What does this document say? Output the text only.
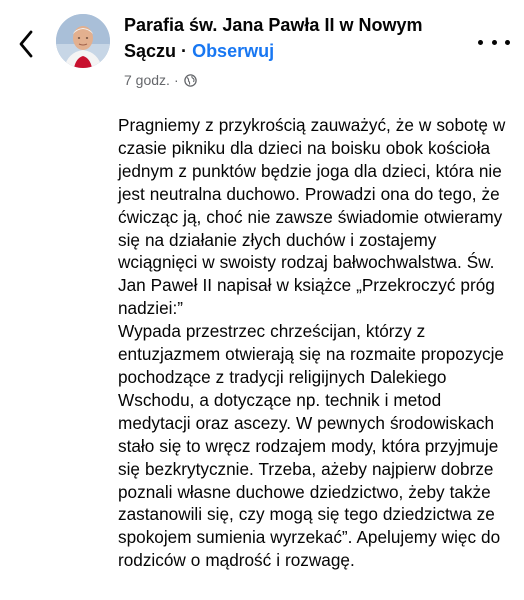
Parafia św. Jana Pawła II w Nowym Sączu · Obserwuj
7 godz. ·

Pragniemy z przykrością zauważyć, że w sobotę w czasie pikniku dla dzieci na boisku obok kościoła jednym z punktów będzie joga dla dzieci, która nie jest neutralna duchowo. Prowadzi ona do tego, że ćwicząc ją, choć nie zawsze świadomie otwieramy się na działanie złych duchów i zostajemy wciągnięci w swoisty rodzaj bałwochwalstwa. Św. Jan Paweł II napisał w książce „Przekroczyć próg nadziei:”
Wypada przestrzec chrześcijan, którzy z entuzjazmem otwierają się na rozmaite propozycje pochodzące z tradycji religijnych Dalekiego Wschodu, a dotyczące np. technik i metod medytacji oraz ascezy. W pewnych środowiskach stało się to wręcz rodzajem mody, która przyjmuje się bezkrytycznie. Trzeba, ażeby najpierw dobrze poznali własne duchowe dziedzictwo, żeby także zastanowili się, czy mogą się tego dziedzictwa ze spokojem sumienia wyrzekać”. Apelujemy więc do rodziców o mądrość i rozwagę.
